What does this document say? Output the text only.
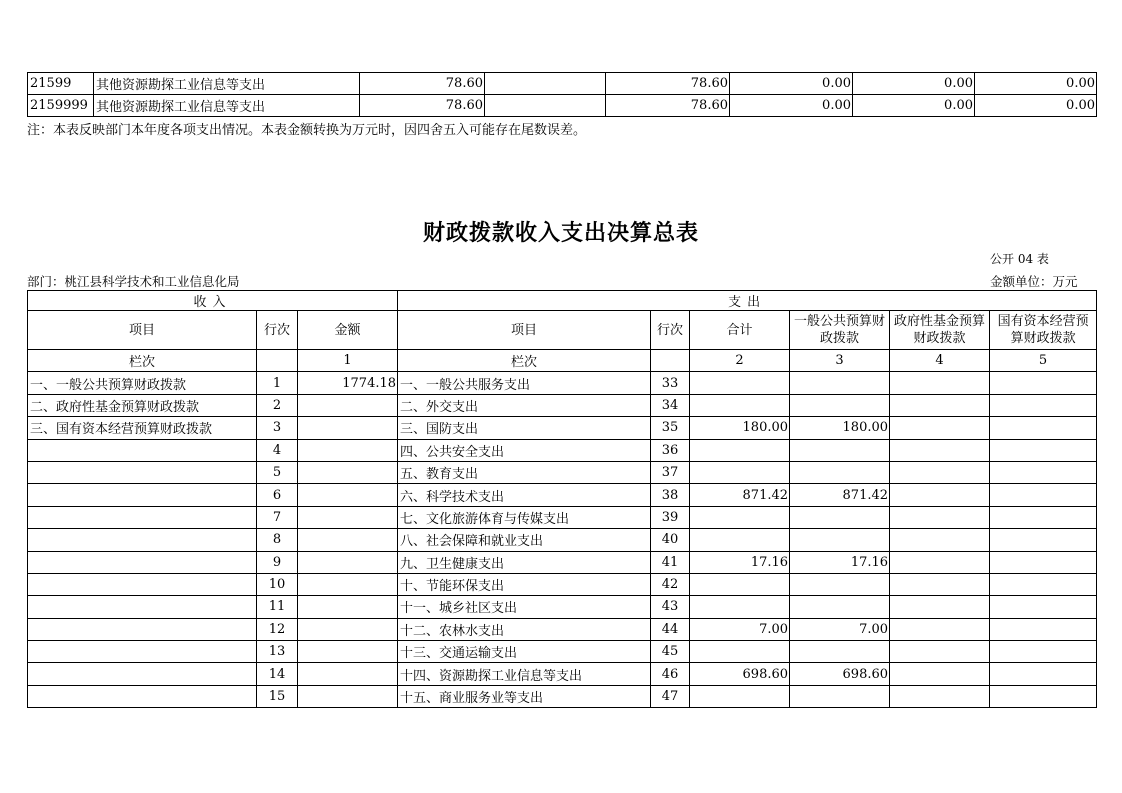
21599	其他资源勘探工业信息等支出	78.60		78.60	0.00	0.00	0.00
2159999	其他资源勘探工业信息等支出	78.60		78.60	0.00	0.00	0.00
注：本表反映部门本年度各项支出情况。本表金额转换为万元时，因四舍五入可能存在尾数误差。
财政拨款收入支出决算总表
公开 04 表
部门：桃江县科学技术和工业信息化局	金额单位：万元
收入			支出					
项目	行次	金额	项目	行次	合计	一般公共预算财政拨款	政府性基金预算财政拨款	国有资本经营预算财政拨款
栏次		1	栏次		2	3	4	5
一、一般公共预算财政拨款	1	1774.18	一、一般公共服务支出	33				
二、政府性基金预算财政拨款	2		二、外交支出	34				
三、国有资本经营预算财政拨款	3		三、国防支出	35	180.00	180.00		
	4		四、公共安全支出	36				
	5		五、教育支出	37				
	6		六、科学技术支出	38	871.42	871.42		
	7		七、文化旅游体育与传媒支出	39				
	8		八、社会保障和就业支出	40				
	9		九、卫生健康支出	41	17.16	17.16		
	10		十、节能环保支出	42				
	11		十一、城乡社区支出	43				
	12		十二、农林水支出	44	7.00	7.00		
	13		十三、交通运输支出	45				
	14		十四、资源勘探工业信息等支出	46	698.60	698.60		
	15		十五、商业服务业等支出	47				
